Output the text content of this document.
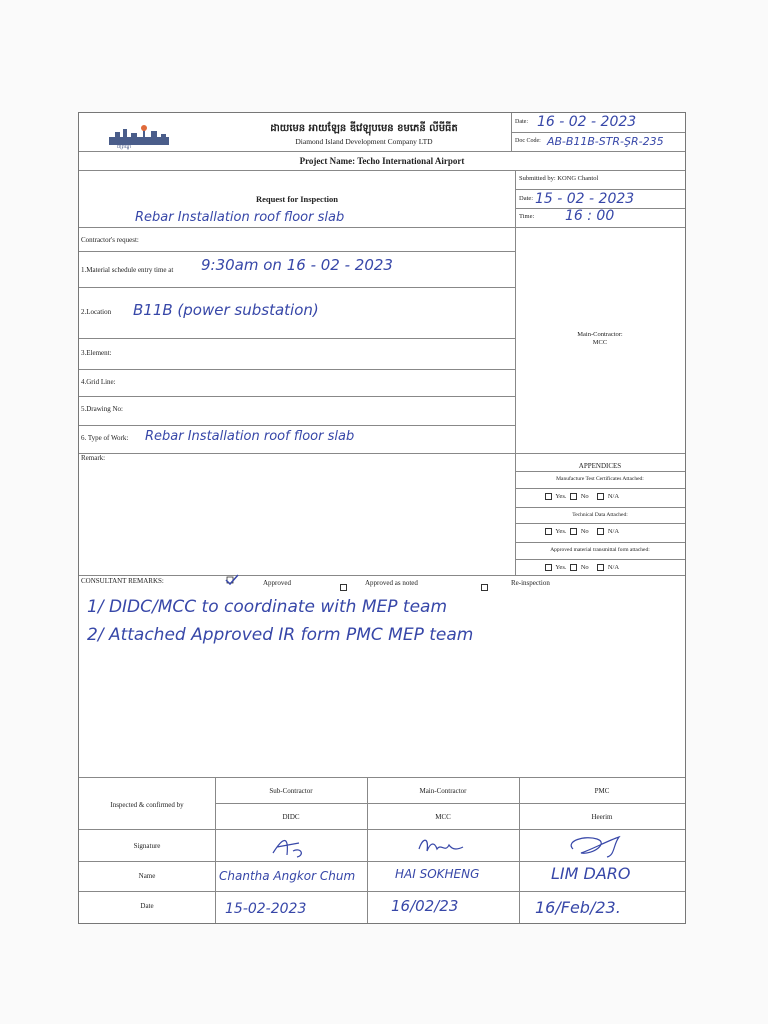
ពិព្រ័ណ្ឌ
ដាយមេន អាយឡែន ឌីវេឡុបមេន ខមភេនី លីមីធីត
Diamond Island Development Company LTD
Date: 16 - 02 - 2023
Doc Code: AB-B11B-STR-ŞR-235
Project Name: Techo International Airport
Request for Inspection
Rebar Installation roof floor slab
Submitted by: KONG Chantol
Date: 15 - 02 - 2023
Time: 16 : 00
Contractor's request:
1.Material schedule entry time at 9:30am on 16 - 02 - 2023
2.Location B11B (power substation)
3.Element:
4.Grid Line:
5.Drawing No:
6. Type of Work: Rebar Installation roof floor slab
Main-Contractor:
MCC
Remark:
APPENDICES
Manufacture Test Certificates Attached:
Yes.  No	N/A
Technical Data Attached:
Yes.  No	N/A
Approved material transmittal form attached:
Yes.  No	N/A
CONSULTANT REMARKS:	Approved	Approved as noted	Re-inspection
1/ DIDC/MCC to coordinate with MEP team
2/ Attached Approved IR form PMC MEP team
Inspected & confirmed by
Sub-Contractor	Main-Contractor	PMC
DIDC	MCC	Heerim
Signature
Name	Chantha Angkor Chum	HAI SOKHENG	LIM DARO
Date	15-02-2023	16/02/23	16/Feb/23.
